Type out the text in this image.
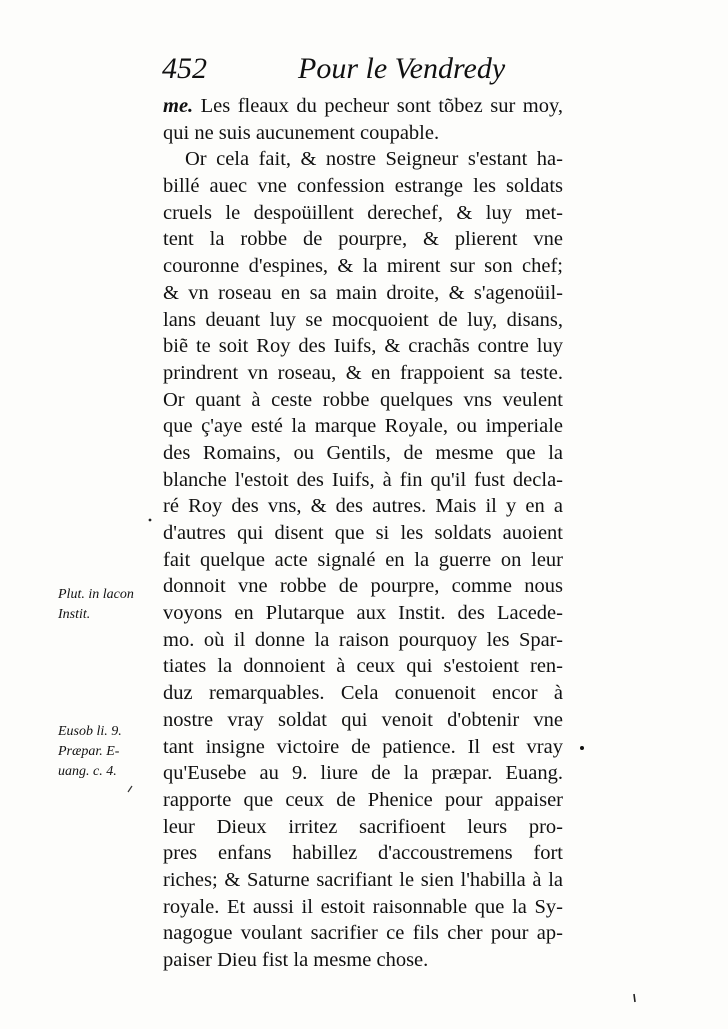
452	Pour le Vendredy
me. Les fleaux du pecheur sont tõbez sur moy,
qui ne suis aucunement coupable.
Or cela fait, & nostre Seigneur s'estant ha-
billé auec vne confession estrange les soldats
cruels le despoüillent derechef, & luy met-
tent la robbe de pourpre, & plierent vne
couronne d'espines, & la mirent sur son chef;
& vn roseau en sa main droite, & s'agenoüil-
lans deuant luy se mocquoient de luy, disans,
biẽ te soit Roy des Iuifs, & crachãs contre luy
prindrent vn roseau, & en frappoient sa teste.
Or quant à ceste robbe quelques vns veulent
que ç'aye esté la marque Royale, ou imperiale
des Romains, ou Gentils, de mesme que la
blanche l'estoit des Iuifs, à fin qu'il fust decla-
ré Roy des vns, & des autres. Mais il y en a
d'autres qui disent que si les soldats auoient
fait quelque acte signalé en la guerre on leur
donnoit vne robbe de pourpre, comme nous
voyons en Plutarque aux Instit. des Lacede-
mo. où il donne la raison pourquoy les Spar-
tiates la donnoient à ceux qui s'estoient ren-
duz remarquables. Cela conuenoit encor à
nostre vray soldat qui venoit d'obtenir vne
tant insigne victoire de patience. Il est vray
qu'Eusebe au 9. liure de la præpar. Euang.
rapporte que ceux de Phenice pour appaiser
leur Dieux irritez sacrifioent leurs pro-
pres enfans habillez d'accoustremens fort
riches; & Saturne sacrifiant le sien l'habilla à la
royale. Et aussi il estoit raisonnable que la Sy-
nagogue voulant sacrifier ce fils cher pour ap-
paiser Dieu fist la mesme chose.
Plut. in lacon
Instit.
Eusob li. 9.
Præpar. E-
uang. c. 4.
